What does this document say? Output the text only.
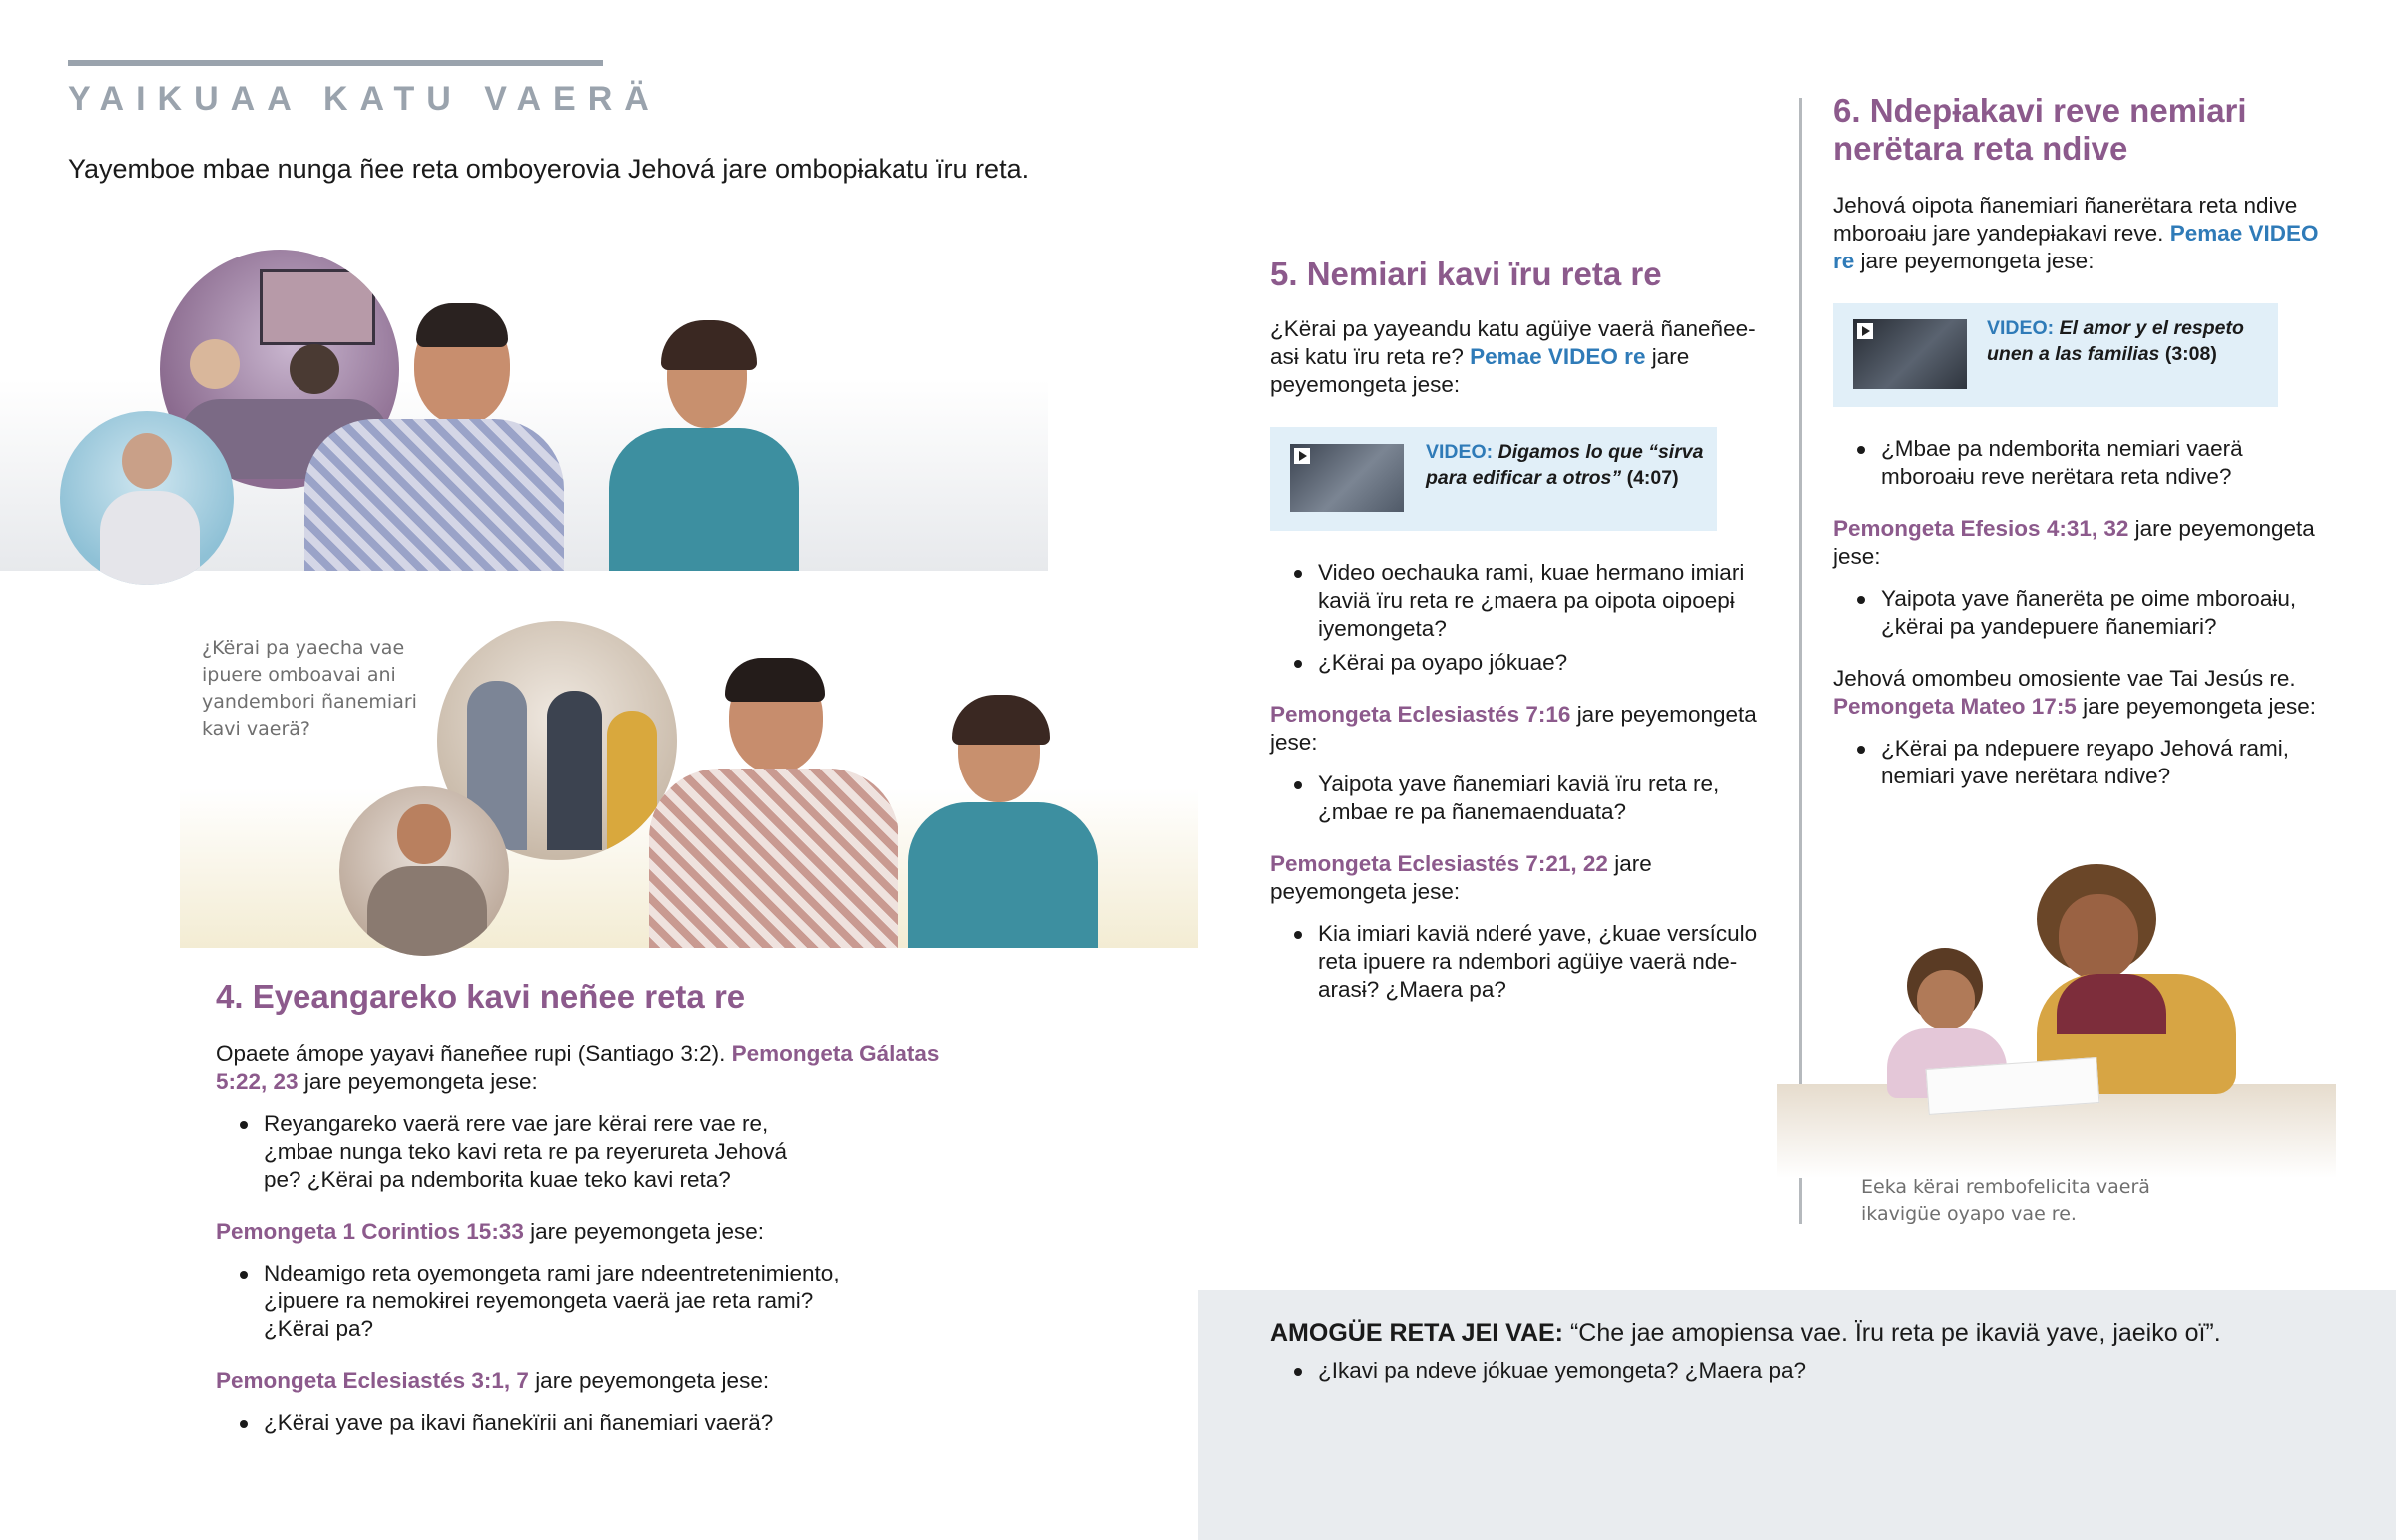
YAIKUAA KATU VAERÄ
Yayemboe mbae nunga ñee reta omboyerovia Jehová jare ombopɨakatu ïru reta.
¿Kërai pa yaecha vae ipuere omboavai ani yandembori ñanemiari kavi vaerä?
4. Eyeangareko kavi neñee reta re

Opaete ámope yayavɨ ñaneñee rupi (Santiago 3:2). Pemongeta Gálatas 5:22, 23 jare peyemongeta jese:

Reyangareko vaerä rere vae jare kërai rere vae re, ¿mbae nunga teko kavi reta re pa reyerureta Jehová pe? ¿Kërai pa ndemborɨta kuae teko kavi reta?

Pemongeta 1 Corintios 15:33 jare peyemongeta jese:

Ndeamigo reta oyemongeta rami jare ndeentretenimiento, ¿ipuere ra nemokɨrei reyemongeta vaerä jae reta rami? ¿Kërai pa?

Pemongeta Eclesiastés 3:1, 7 jare peyemongeta jese:

¿Kërai yave pa ikavi ñanekïrii ani ñanemiari vaerä?
5. Nemiari kavi ïru reta re

¿Kërai pa yayeandu katu agüiye vaerä ñaneñee-asɨ katu ïru reta re? Pemae VIDEO re jare peyemongeta jese:

VIDEO: Digamos lo que “sirva para edificar a otros” (4:07)
Video oechauka rami, kuae hermano imiari kaviä ïru reta re ¿maera pa oipota oipoepɨ iyemongeta?
¿Kërai pa oyapo jókuae?

Pemongeta Eclesiastés 7:16 jare peyemongeta jese:

Yaipota yave ñanemiari kaviä ïru reta re, ¿mbae re pa ñanemaenduata?

Pemongeta Eclesiastés 7:21, 22 jare peyemongeta jese:

Kia imiari kaviä nderé yave, ¿kuae versículo reta ipuere ra ndembori agüiye vaerä nde-arasɨ? ¿Maera pa?
6. Ndepɨakavi reve nemiari nerëtara reta ndive

Jehová oipota ñanemiari ñanerëtara reta ndive mboroaɨu jare yandepɨakavi reve. Pemae VIDEO re jare peyemongeta jese:

VIDEO: El amor y el respeto unen a las familias (3:08)
¿Mbae pa ndemborɨta nemiari vaerä mboroaɨu reve nerëtara reta ndive?

Pemongeta Efesios 4:31, 32 jare peyemongeta jese:

Yaipota yave ñanerëta pe oime mboroaɨu, ¿kërai pa yandepuere ñanemiari?

Jehová omombeu omosiente vae Tai Jesús re. Pemongeta Mateo 17:5 jare peyemongeta jese:

¿Kërai pa ndepuere reyapo Jehová rami, nemiari yave nerëtara ndive?
Eeka kërai rembofelicita vaerä ikavigüe oyapo vae re.

AMOGÜE RETA JEI VAE: “Che jae amopiensa vae. Ïru reta pe ikaviä yave, jaeiko oï”.

¿Ikavi pa ndeve jókuae yemongeta? ¿Maera pa?
